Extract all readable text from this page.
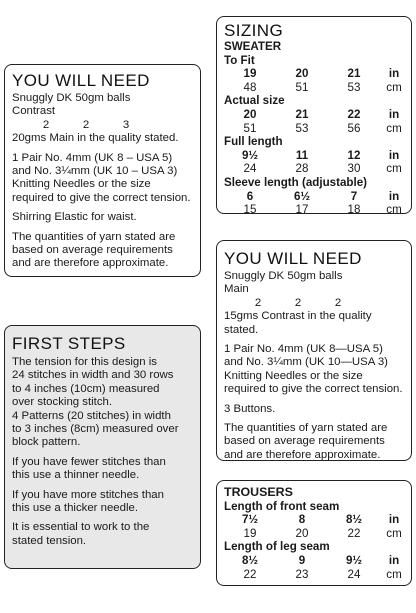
YOU WILL NEED

Snuggly DK 50gm balls

Contrast

2	2	3

20gms Main in the quality stated.

1 Pair No. 4mm (UK 8 – USA 5)

and No. 3¼mm (UK 10 – USA 3)

Knitting Needles or the size

required to give the correct tension.

Shirring Elastic for waist.

The quantities of yarn stated are

based on average requirements

and are therefore approximate.

FIRST STEPS

The tension for this design is

24 stitches in width and 30 rows

to 4 inches (10cm) measured

over stocking stitch.

4 Patterns (20 stitches) in width

to 3 inches (8cm) measured over

block pattern.

If you have fewer stitches than

this use a thinner needle.

If you have more stitches than

this use a thicker needle.

It is essential to work to the

stated tension.

SIZING

SWEATER

To Fit

19	20	21	in
48	51	53	cm

Actual size

20	21	22	in
51	53	56	cm

Full length

9½	11	12	in
24	28	30	cm

Sleeve length (adjustable)

6	6½	7	in
15	17	18	cm
YOU WILL NEED

Snuggly DK 50gm balls

Main

2	2	2

15gms Contrast in the quality

stated.

1 Pair No. 4mm (UK 8—USA 5)

and No. 3¼mm (UK 10—USA 3)

Knitting Needles or the size

required to give the correct tension.

3 Buttons.

The quantities of yarn stated are

based on average requirements

and are therefore approximate.

TROUSERS

Length of front seam

7½	8	8½	in
19	20	22	cm

Length of leg seam

8½	9	9½	in
22	23	24	cm
